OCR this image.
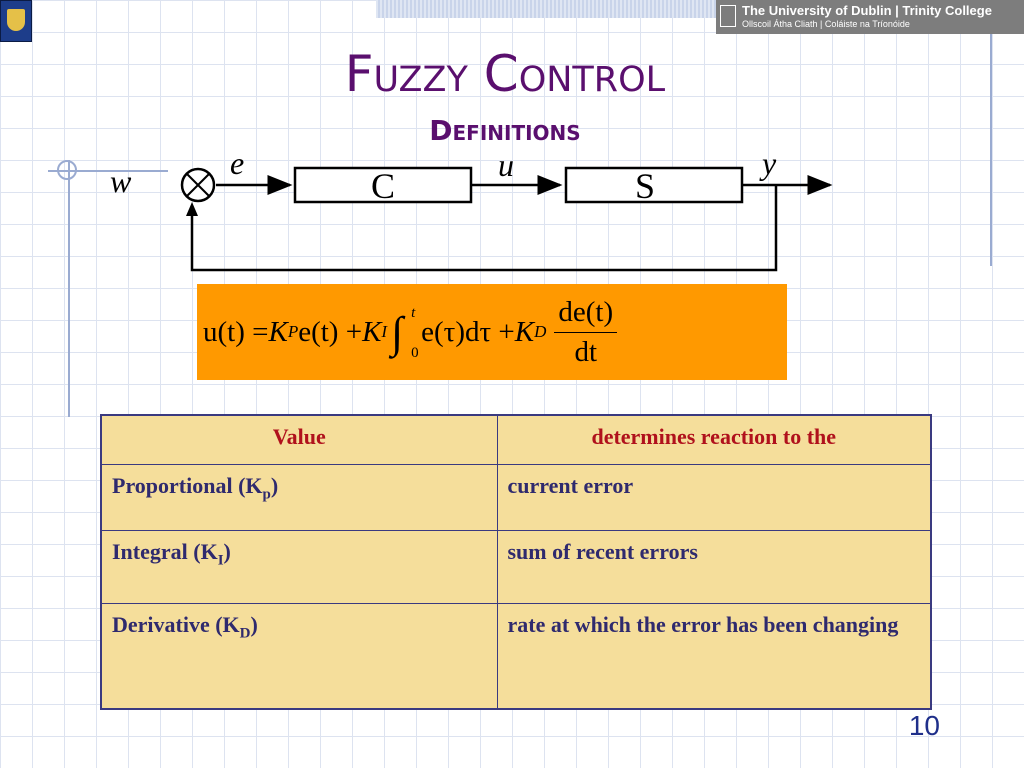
The University of Dublin | Trinity College
Ollscoil Átha Cliath | Coláiste na Tríonóide
Fuzzy Control
Definitions
C	S
w	e	u	y
u(t) = K P e(t) + K I ∫ t
0
e(τ)dτ + K D $\frac{de(t)}{dt}$
Value	determines reaction to the
Proportional $(K_p)$	current error
Integral $(K_I)$	sum of recent errors
Derivative $(K_D)$	rate at which the error has been changing
10
